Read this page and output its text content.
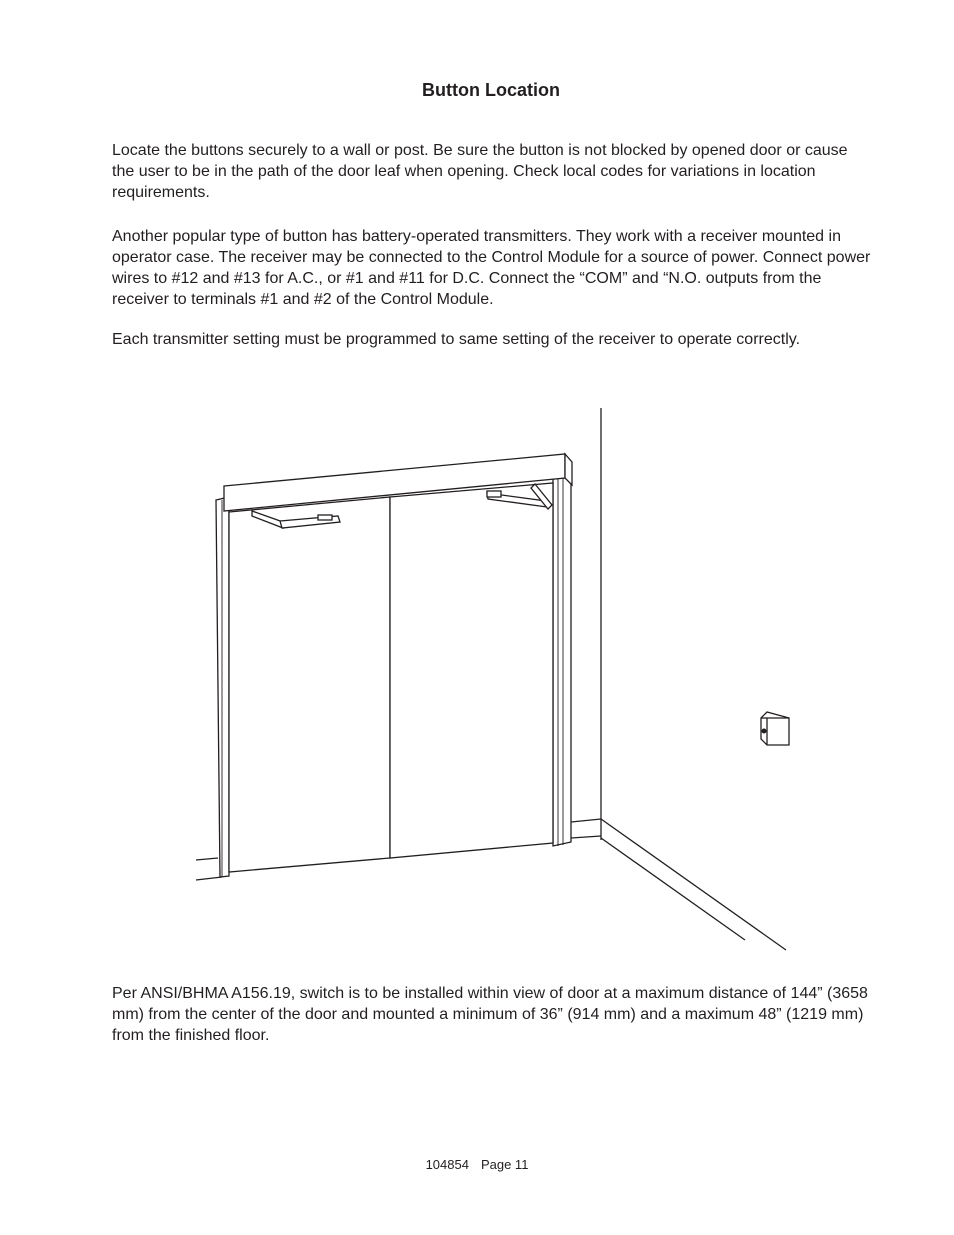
Button Location

Locate the buttons securely to a wall or post. Be sure the button is not blocked by opened door or cause the user to be in the path of the door leaf when opening. Check local codes for variations in location requirements.

Another popular type of button has battery-operated transmitters. They work with a receiver mounted in operator case. The receiver may be connected to the Control Module for a source of power. Connect power wires to #12 and #13 for A.C., or #1 and #11 for D.C. Connect the “COM” and “N.O. outputs from the receiver to terminals #1 and #2 of the Control Module.

Each transmitter setting must be programmed to same setting of the receiver to operate correctly.

Per ANSI/BHMA A156.19, switch is to be installed within view of door at a maximum distance of 144” (3658 mm) from the center of the door and mounted a minimum of 36” (914 mm) and a maximum 48” (1219 mm) from the finished floor.

104854 Page 11
